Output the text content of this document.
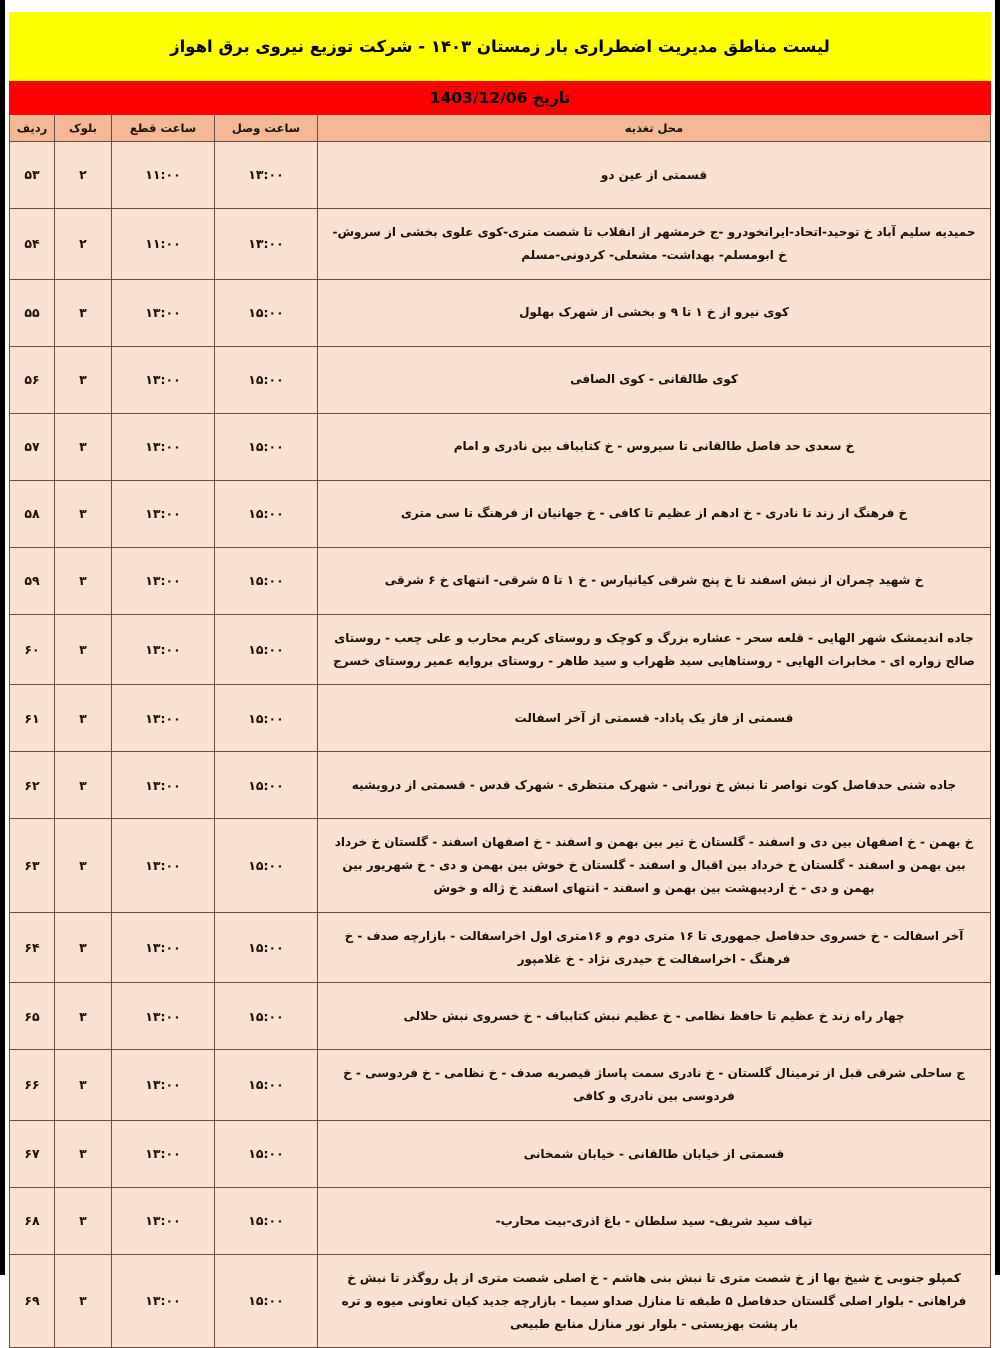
لیست مناطق مدیریت اضطراری بار زمستان ۱۴۰۳ - شرکت توزیع نیروی برق اهواز
تاریخ 1403/12/06
محل تغذیه	ساعت وصل	ساعت قطع	بلوک	ردیف
قسمتی از عین دو	۱۳:۰۰	۱۱:۰۰	۲	۵۳
حمیدیه سلیم آباد خ توحید-اتحاد-ایرانخودرو -ج خرمشهر از انقلاب تا شصت متری-کوی علوی بخشی از سروش-خ ابومسلم- بهداشت- مشعلی- کردونی-مسلم	۱۳:۰۰	۱۱:۰۰	۲	۵۴
کوی نیرو از خ ۱ تا ۹ و بخشی از شهرک بهلول	۱۵:۰۰	۱۳:۰۰	۳	۵۵
کوی طالقانی - کوی الصافی	۱۵:۰۰	۱۳:۰۰	۳	۵۶
خ سعدی حد فاصل طالقانی تا سیروس - خ کتابباف بین نادری و امام	۱۵:۰۰	۱۳:۰۰	۳	۵۷
خ فرهنگ از زند تا نادری - خ ادهم از عظیم تا کافی - خ جهانیان از فرهنگ تا سی متری	۱۵:۰۰	۱۳:۰۰	۳	۵۸
خ شهید چمران از نبش اسفند تا خ پنج شرقی کیانپارس - خ ۱ تا ۵ شرقی- انتهای خ ۶ شرقی	۱۵:۰۰	۱۳:۰۰	۳	۵۹
جاده اندیمشک شهر الهایی - قلعه سحر - عشاره بزرگ و کوچک و روستای کریم محارب و علی چعب - روستای صالح زواره ای - مخابرات الهایی - روستاهایی سید ظهراب و سید طاهر - روستای بروایه عمیر روستای خسرج	۱۵:۰۰	۱۳:۰۰	۳	۶۰
قسمتی از فاز یک پاداد- قسمتی از آخر اسفالت	۱۵:۰۰	۱۳:۰۰	۳	۶۱
جاده شنی حدفاصل کوت نواصر تا نبش خ نورانی - شهرک منتظری - شهرک قدس - قسمتی از درویشیه	۱۵:۰۰	۱۳:۰۰	۳	۶۲
خ بهمن - خ اصفهان بین دی و اسفند - گلستان خ تیر بین بهمن و اسفند - خ اصفهان اسفند - گلستان خ خرداد بین بهمن و اسفند - گلستان خ خرداد بین اقبال و اسفند - گلستان خ خوش بین بهمن و دی - خ شهریور بین بهمن و دی - خ اردیبهشت بین بهمن و اسفند - انتهای اسفند خ ژاله و خوش	۱۵:۰۰	۱۳:۰۰	۳	۶۳
آخر اسفالت - خ خسروی حدفاصل جمهوری تا ۱۶ متری دوم و ۱۶متری اول اخراسفالت - بازارچه صدف - خ فرهنگ - اخراسفالت خ حیدری نژاد - خ غلامپور	۱۵:۰۰	۱۳:۰۰	۳	۶۴
چهار راه زند خ عظیم تا حافظ نظامی - خ عظیم نبش کتابباف - خ خسروی نبش حلالی	۱۵:۰۰	۱۳:۰۰	۳	۶۵
ج ساحلی شرقی قبل از ترمینال گلستان - خ نادری سمت پاساژ قیصریه صدف - خ نظامی - خ فردوسی - خ فردوسی بین نادری و کافی	۱۵:۰۰	۱۳:۰۰	۳	۶۶
قسمتی از خیابان طالقانی - خیابان شمخانی	۱۵:۰۰	۱۳:۰۰	۳	۶۷
تپاف سید شریف- سید سلطان - باغ اذری-بیت محارب-	۱۵:۰۰	۱۳:۰۰	۳	۶۸
کمپلو جنوبی خ شیخ بها از خ شصت متری تا نبش بنی هاشم - خ اصلی شصت متری از پل روگذر تا نبش خ فراهانی - بلوار اصلی گلستان حدفاصل ۵ طبقه تا منازل صداو سیما - بازارچه جدید کیان تعاونی میوه و تره بار پشت بهزیستی - بلوار نور منازل منابع طبیعی	۱۵:۰۰	۱۳:۰۰	۳	۶۹
